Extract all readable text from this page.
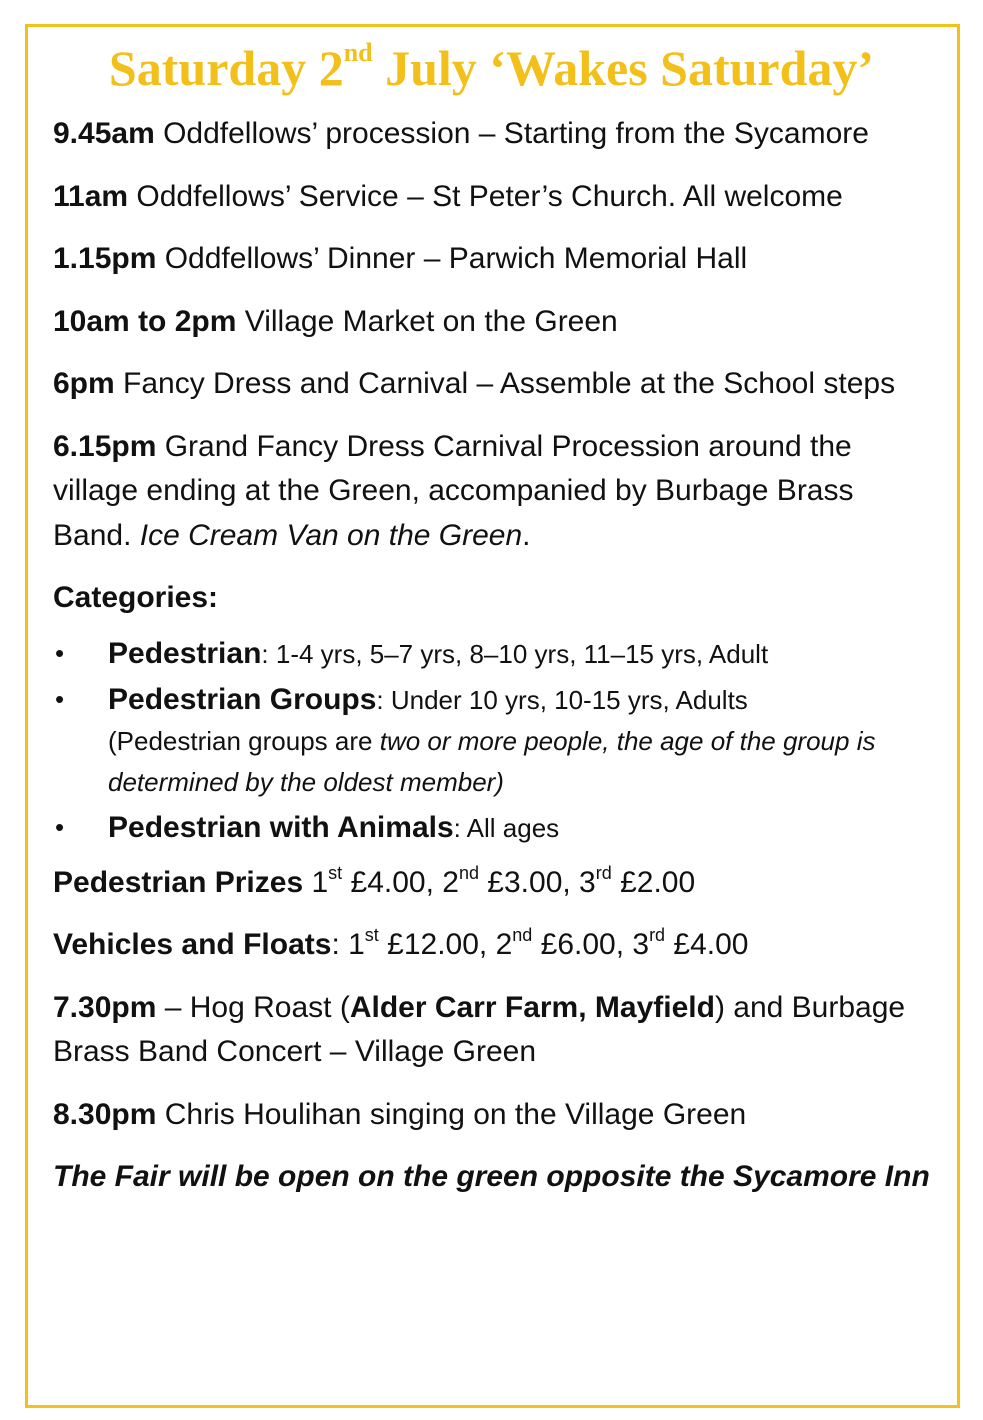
Saturday 2nd July ‘Wakes Saturday’

9.45am Oddfellows’ procession – Starting from the Sycamore

11am Oddfellows’ Service – St Peter’s Church. All welcome

1.15pm Oddfellows’ Dinner – Parwich Memorial Hall

10am to 2pm Village Market on the Green

6pm Fancy Dress and Carnival – Assemble at the School steps

6.15pm Grand Fancy Dress Carnival Procession around the village ending at the Green, accompanied by Burbage Brass Band. Ice Cream Van on the Green.

Categories:

• Pedestrian: 1-4 yrs, 5–7 yrs, 8–10 yrs, 11–15 yrs, Adult
• Pedestrian Groups: Under 10 yrs, 10-15 yrs, Adults
(Pedestrian groups are two or more people, the age of the group is determined by the oldest member)
• Pedestrian with Animals: All ages

Pedestrian Prizes 1st £4.00, 2nd £3.00, 3rd £2.00

Vehicles and Floats: 1st £12.00, 2nd £6.00, 3rd £4.00

7.30pm – Hog Roast (Alder Carr Farm, Mayfield) and Burbage Brass Band Concert – Village Green

8.30pm Chris Houlihan singing on the Village Green

The Fair will be open on the green opposite the Sycamore Inn
